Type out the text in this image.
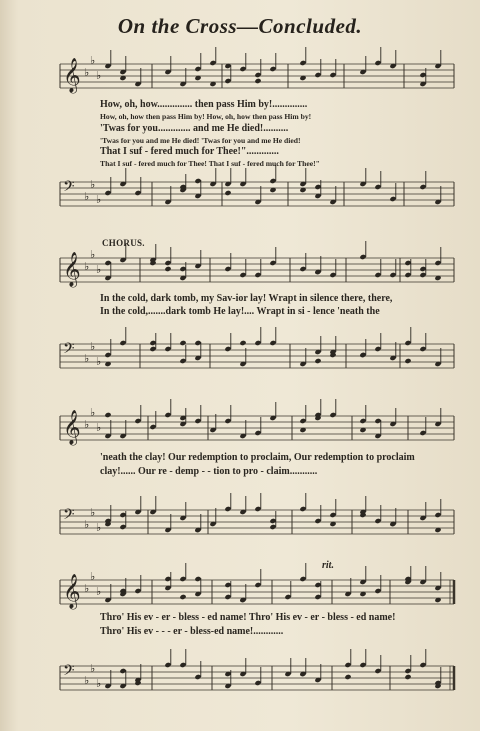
On the Cross—Concluded.
𝄞 ♭
♭
♭
How, oh, how.............. then pass Him by!..............
How, oh, how then pass Him by! How, oh, how then pass Him by!
'Twas for you............. and me He died!..........
'Twas for you and me He died! 'Twas for you and me He died!
That I suf - fered much for Thee!".............
That I suf - fered much for Thee! That I suf - fered much for Thee!"
𝄢 ♭
♭
♭
CHORUS.
𝄞 ♭
♭
♭
In the cold, dark tomb, my Sav-ior lay! Wrapt in silence there, there,
In the cold,.......dark tomb He lay!.... Wrapt in si - lence 'neath the
𝄢 ♭
♭
♭
𝄞 ♭
♭
♭
'neath the clay! Our redemption to proclaim, Our redemption to proclaim
clay!...... Our re - demp - - tion to pro - claim...........
𝄢 ♭
♭
♭
rit.
𝄞 ♭
♭
♭
Thro' His ev - er - bless - ed name! Thro' His ev - er - bless - ed name!
Thro' His ev - - - er - bless-ed name!............
𝄢 ♭
♭
♭
